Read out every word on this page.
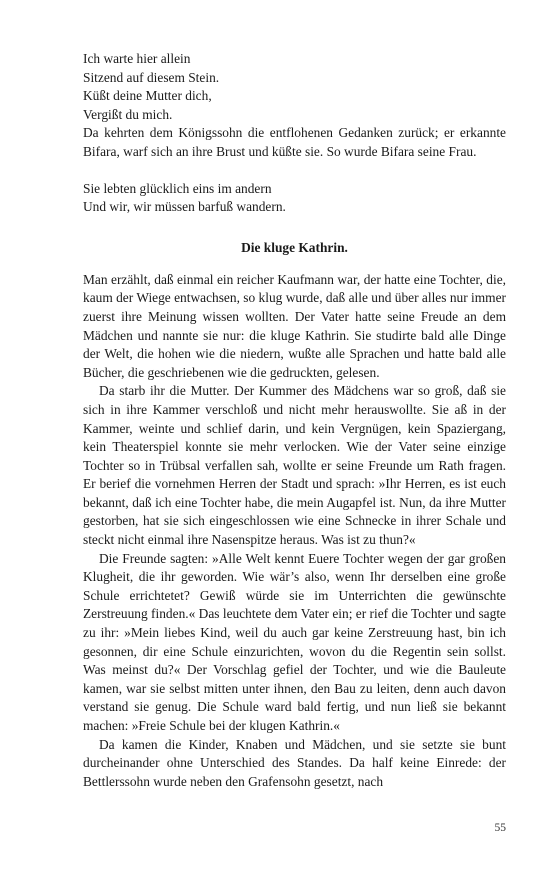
Ich warte hier allein
Sitzend auf diesem Stein.
Küßt deine Mutter dich,
Vergißt du mich.

Da kehrten dem Königssohn die entflohenen Gedanken zurück; er erkannte Bifara, warf sich an ihre Brust und küßte sie. So wurde Bifara seine Frau.

Sie lebten glücklich eins im andern
Und wir, wir müssen barfuß wandern.
Die kluge Kathrin.

Man erzählt, daß einmal ein reicher Kaufmann war, der hatte eine Tochter, die, kaum der Wiege entwachsen, so klug wurde, daß alle und über alles nur immer zuerst ihre Meinung wissen wollten. Der Vater hatte seine Freude an dem Mädchen und nannte sie nur: die kluge Kathrin. Sie studirte bald alle Dinge der Welt, die hohen wie die niedern, wußte alle Sprachen und hatte bald alle Bücher, die geschriebenen wie die gedruckten, gelesen.

Da starb ihr die Mutter. Der Kummer des Mädchens war so groß, daß sie sich in ihre Kammer verschloß und nicht mehr herauswollte. Sie aß in der Kammer, weinte und schlief darin, und kein Vergnügen, kein Spaziergang, kein Theaterspiel konnte sie mehr verlocken. Wie der Vater seine einzige Tochter so in Trübsal verfallen sah, wollte er seine Freunde um Rath fragen. Er berief die vornehmen Herren der Stadt und sprach: »Ihr Herren, es ist euch bekannt, daß ich eine Tochter habe, die mein Augapfel ist. Nun, da ihre Mutter gestorben, hat sie sich eingeschlossen wie eine Schnecke in ihrer Schale und steckt nicht einmal ihre Nasenspitze heraus. Was ist zu thun?«

Die Freunde sagten: »Alle Welt kennt Euere Tochter wegen der gar großen Klugheit, die ihr geworden. Wie wär’s also, wenn Ihr derselben eine große Schule errichtetet? Gewiß würde sie im Unterrichten die gewünschte Zerstreuung finden.« Das leuchtete dem Vater ein; er rief die Tochter und sagte zu ihr: »Mein liebes Kind, weil du auch gar keine Zerstreuung hast, bin ich gesonnen, dir eine Schule einzurichten, wovon du die Regentin sein sollst. Was meinst du?« Der Vorschlag gefiel der Tochter, und wie die Bauleute kamen, war sie selbst mitten unter ihnen, den Bau zu leiten, denn auch davon verstand sie genug. Die Schule ward bald fertig, und nun ließ sie bekannt machen: »Freie Schule bei der klugen Kathrin.«

Da kamen die Kinder, Knaben und Mädchen, und sie setzte sie bunt durcheinander ohne Unterschied des Standes. Da half keine Einrede: der Bettlerssohn wurde neben den Grafensohn gesetzt, nach

55
